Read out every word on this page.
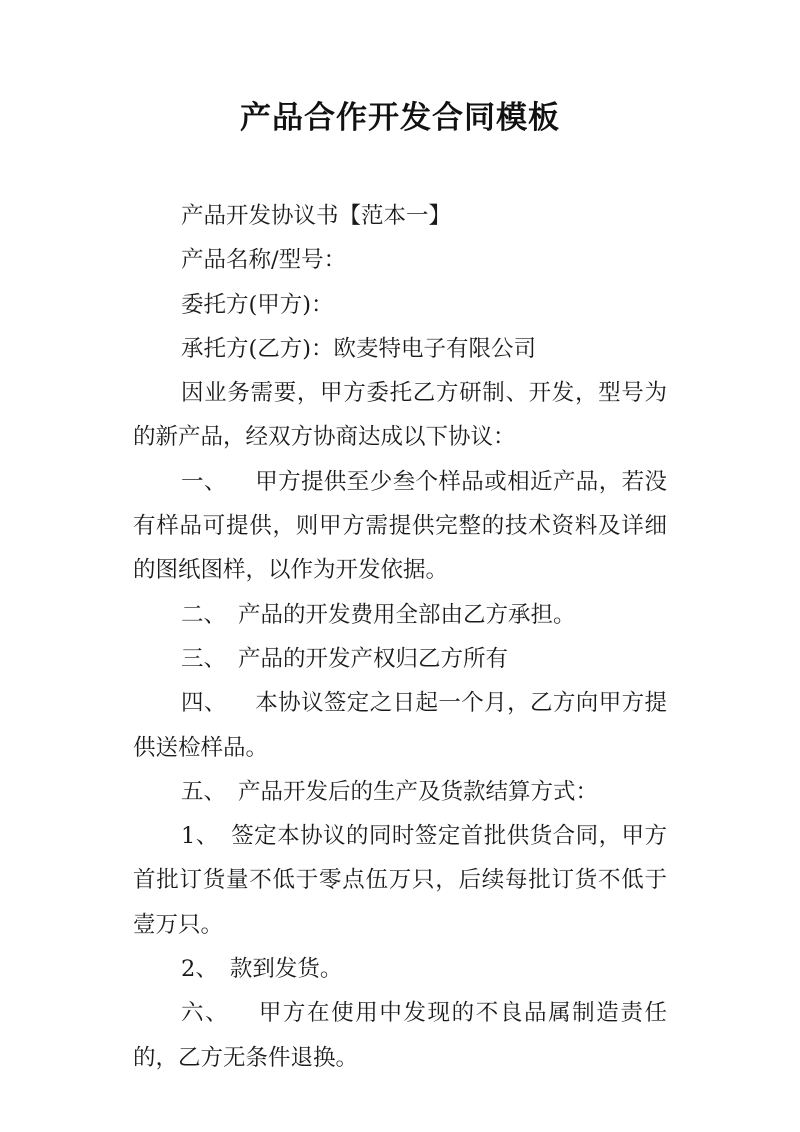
产品合作开发合同模板

产品开发协议书【范本一】

产品名称/型号：

委托方(甲方)：

承托方(乙方)：欧麦特电子有限公司

因业务需要，甲方委托乙方研制、开发，型号为 的新产品，经双方协商达成以下协议：

一、 甲方提供至少叁个样品或相近产品，若没有样品可提供，则甲方需提供完整的技术资料及详细的图纸图样，以作为开发依据。

二、 产品的开发费用全部由乙方承担。

三、 产品的开发产权归乙方所有

四、 本协议签定之日起一个月，乙方向甲方提供送检样品。

五、 产品开发后的生产及货款结算方式：

1、 签定本协议的同时签定首批供货合同，甲方首批订货量不低于零点伍万只，后续每批订货不低于壹万只。

2、 款到发货。

六、 甲方在使用中发现的不良品属制造责任的，乙方无条件退换。
